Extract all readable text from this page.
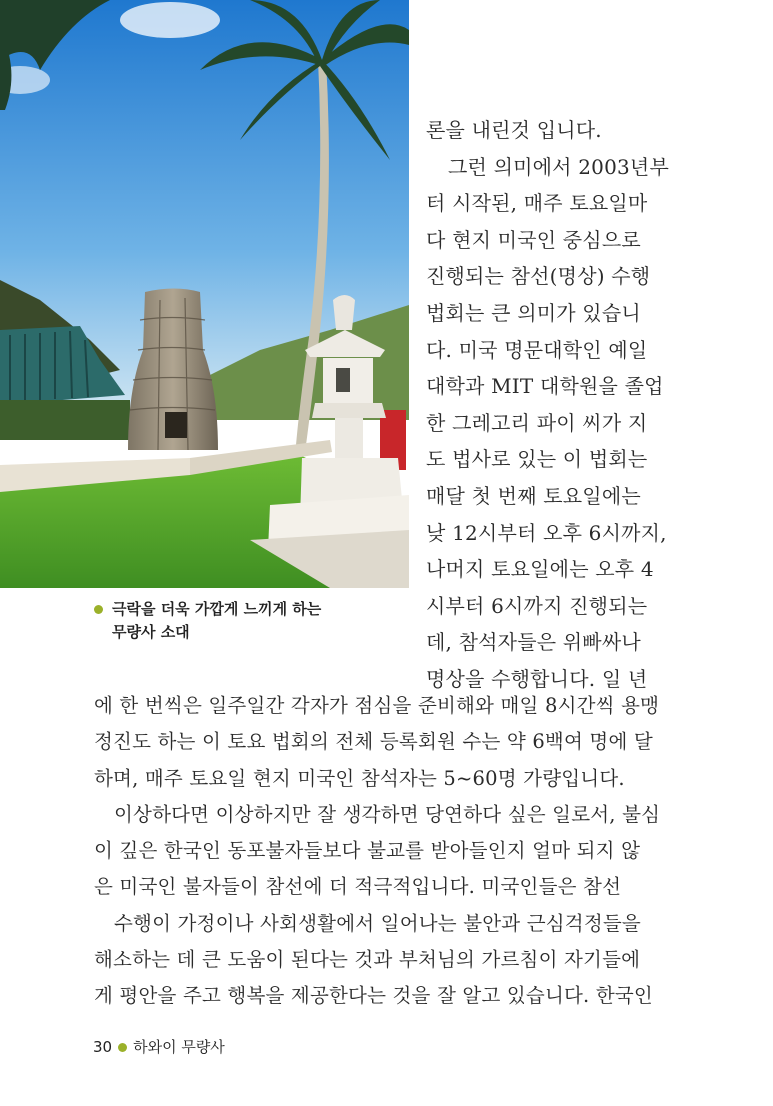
극락을 더욱 가깝게 느끼게 하는
무량사 소대
론을 내린것 입니다.
그런 의미에서 2003년부
터 시작된, 매주 토요일마
다 현지 미국인 중심으로
진행되는 참선(명상) 수행
법회는 큰 의미가 있습니
다. 미국 명문대학인 예일
대학과 MIT 대학원을 졸업
한 그레고리 파이 씨가 지
도 법사로 있는 이 법회는
매달 첫 번째 토요일에는
낮 12시부터 오후 6시까지,
나머지 토요일에는 오후 4
시부터 6시까지 진행되는
데, 참석자들은 위빠싸나
명상을 수행합니다. 일 년
에 한 번씩은 일주일간 각자가 점심을 준비해와 매일 8시간씩 용맹
정진도 하는 이 토요 법회의 전체 등록회원 수는 약 6백여 명에 달
하며, 매주 토요일 현지 미국인 참석자는 5~60명 가량입니다.
이상하다면 이상하지만 잘 생각하면 당연하다 싶은 일로서, 불심
이 깊은 한국인 동포불자들보다 불교를 받아들인지 얼마 되지 않
은 미국인 불자들이 참선에 더 적극적입니다. 미국인들은 참선
수행이 가정이나 사회생활에서 일어나는 불안과 근심걱정들을
해소하는 데 큰 도움이 된다는 것과 부처님의 가르침이 자기들에
게 평안을 주고 행복을 제공한다는 것을 잘 알고 있습니다. 한국인
30 하와이 무량사
